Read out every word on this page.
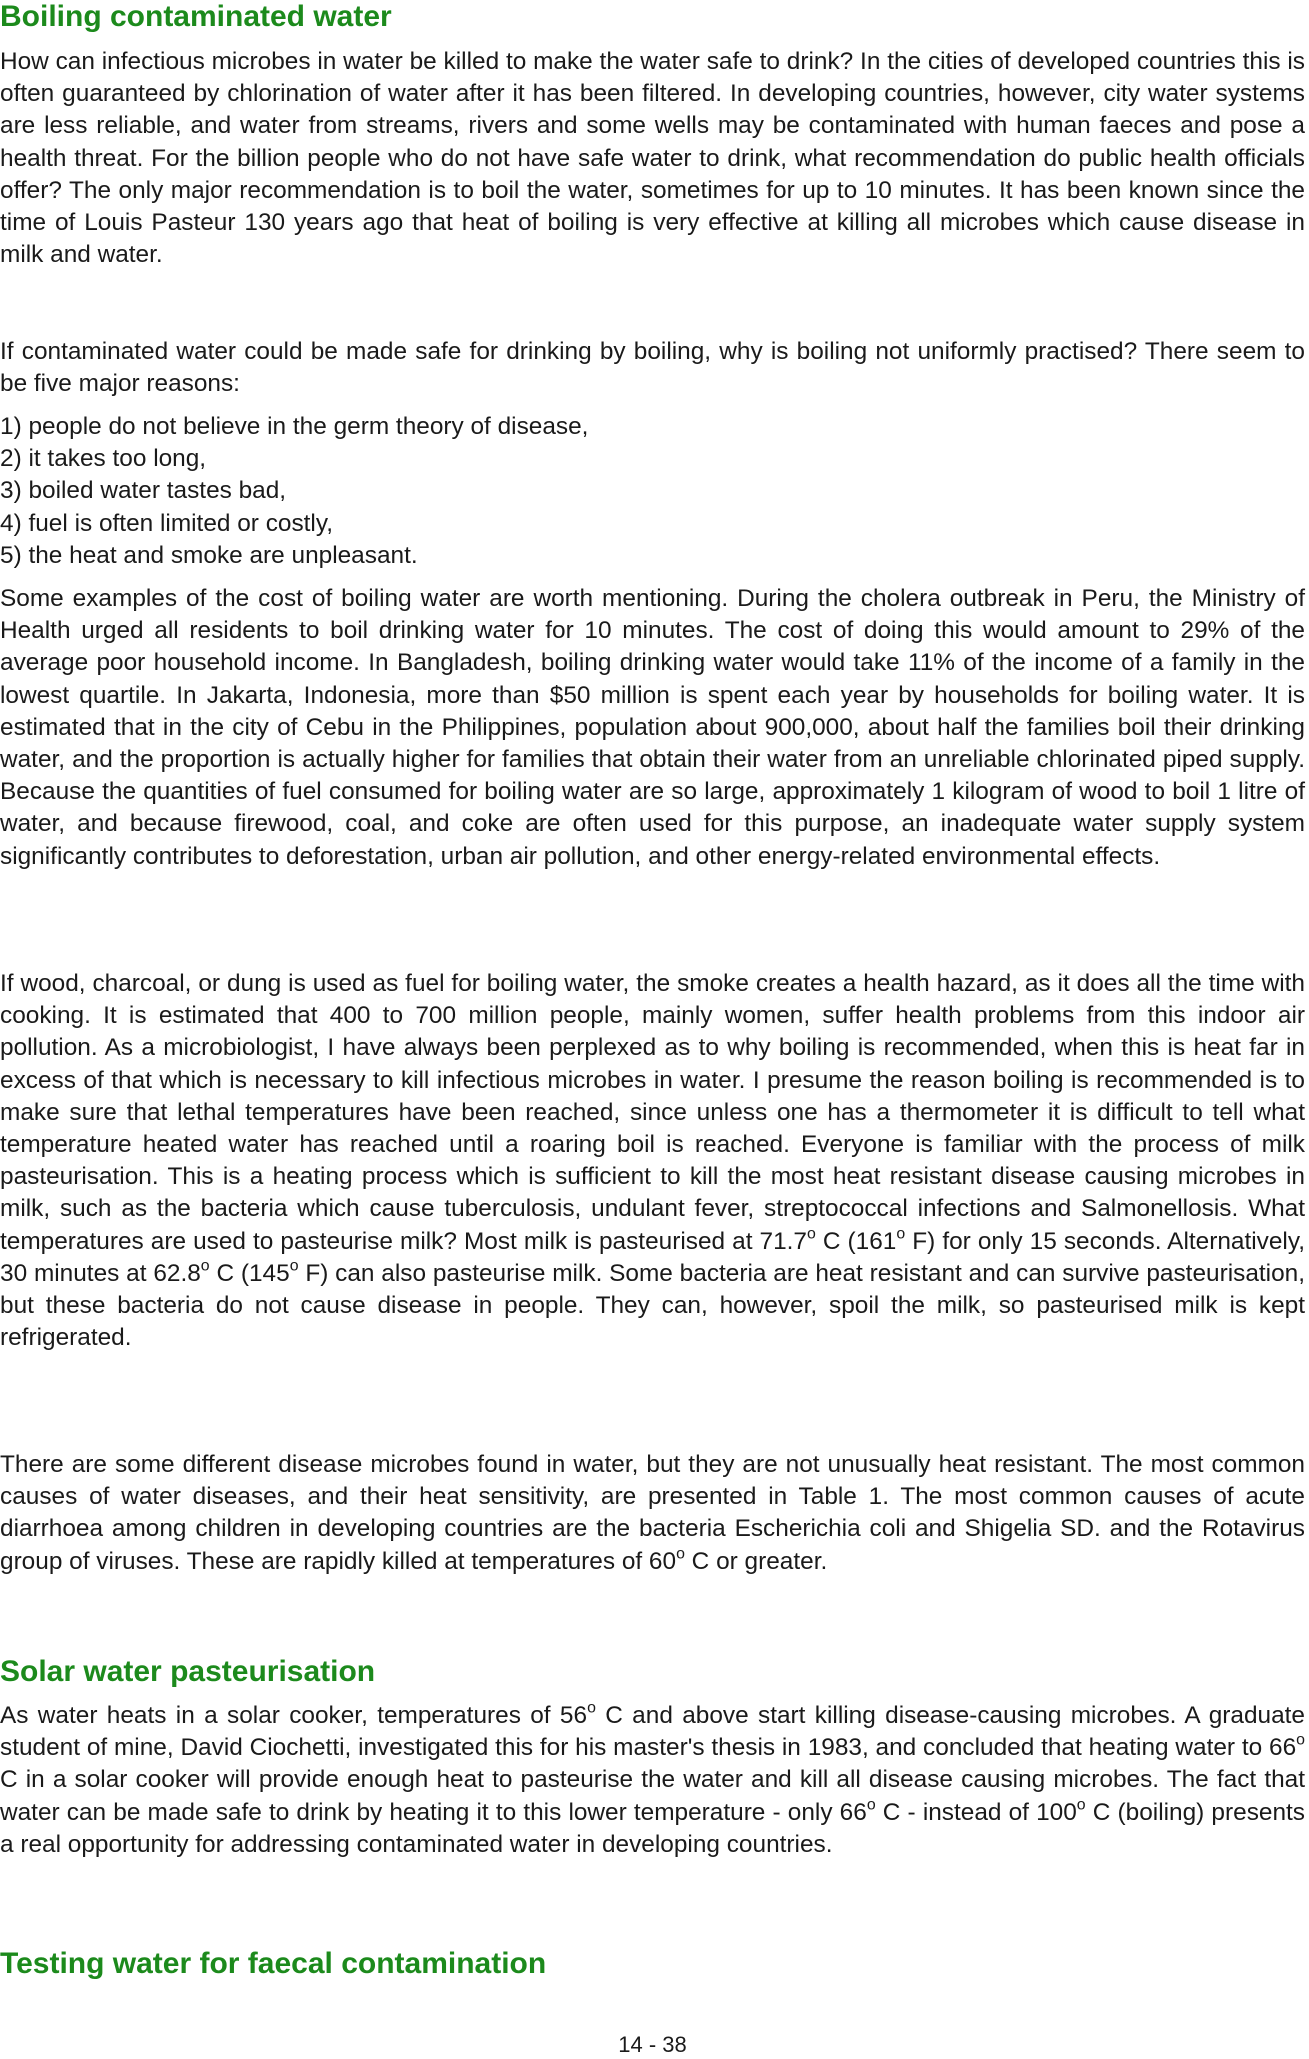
Boiling contaminated water

How can infectious microbes in water be killed to make the water safe to drink? In the cities of developed countries this is often guaranteed by chlorination of water after it has been filtered. In developing countries, however, city water systems are less reliable, and water from streams, rivers and some wells may be contaminated with human faeces and pose a health threat. For the billion people who do not have safe water to drink, what recommendation do public health officials offer? The only major recommendation is to boil the water, sometimes for up to 10 minutes. It has been known since the time of Louis Pasteur 130 years ago that heat of boiling is very effective at killing all microbes which cause disease in milk and water.

If contaminated water could be made safe for drinking by boiling, why is boiling not uniformly practised? There seem to be five major reasons:

1) people do not believe in the germ theory of disease,
2) it takes too long,
3) boiled water tastes bad,
4) fuel is often limited or costly,
5) the heat and smoke are unpleasant.

Some examples of the cost of boiling water are worth mentioning. During the cholera outbreak in Peru, the Ministry of Health urged all residents to boil drinking water for 10 minutes. The cost of doing this would amount to 29% of the average poor household income. In Bangladesh, boiling drinking water would take 11% of the income of a family in the lowest quartile. In Jakarta, Indonesia, more than $50 million is spent each year by households for boiling water. It is estimated that in the city of Cebu in the Philippines, population about 900,000, about half the families boil their drinking water, and the proportion is actually higher for families that obtain their water from an unreliable chlorinated piped supply. Because the quantities of fuel consumed for boiling water are so large, approximately 1 kilogram of wood to boil 1 litre of water, and because firewood, coal, and coke are often used for this purpose, an inadequate water supply system significantly contributes to deforestation, urban air pollution, and other energy-related environmental effects.

If wood, charcoal, or dung is used as fuel for boiling water, the smoke creates a health hazard, as it does all the time with cooking. It is estimated that 400 to 700 million people, mainly women, suffer health problems from this indoor air pollution. As a microbiologist, I have always been perplexed as to why boiling is recommended, when this is heat far in excess of that which is necessary to kill infectious microbes in water. I presume the reason boiling is recommended is to make sure that lethal temperatures have been reached, since unless one has a thermometer it is difficult to tell what temperature heated water has reached until a roaring boil is reached. Everyone is familiar with the process of milk pasteurisation. This is a heating process which is sufficient to kill the most heat resistant disease causing microbes in milk, such as the bacteria which cause tuberculosis, undulant fever, streptococcal infections and Salmonellosis. What temperatures are used to pasteurise milk? Most milk is pasteurised at 71.7$^o$ C (161$^o$ F) for only 15 seconds. Alternatively, 30 minutes at 62.8$^o$ C (145$^o$ F) can also pasteurise milk. Some bacteria are heat resistant and can survive pasteurisation, but these bacteria do not cause disease in people. They can, however, spoil the milk, so pasteurised milk is kept refrigerated.

There are some different disease microbes found in water, but they are not unusually heat resistant. The most common causes of water diseases, and their heat sensitivity, are presented in Table 1. The most common causes of acute diarrhoea among children in developing countries are the bacteria Escherichia coli and Shigelia SD. and the Rotavirus group of viruses. These are rapidly killed at temperatures of 60$^o$ C or greater.

Solar water pasteurisation

As water heats in a solar cooker, temperatures of 56$^o$ C and above start killing disease-causing microbes. A graduate student of mine, David Ciochetti, investigated this for his master's thesis in 1983, and concluded that heating water to 66$^o$ C in a solar cooker will provide enough heat to pasteurise the water and kill all disease causing microbes. The fact that water can be made safe to drink by heating it to this lower temperature - only 66$^o$ C - instead of 100$^o$ C (boiling) presents a real opportunity for addressing contaminated water in developing countries.

Testing water for faecal contamination
14 - 38
